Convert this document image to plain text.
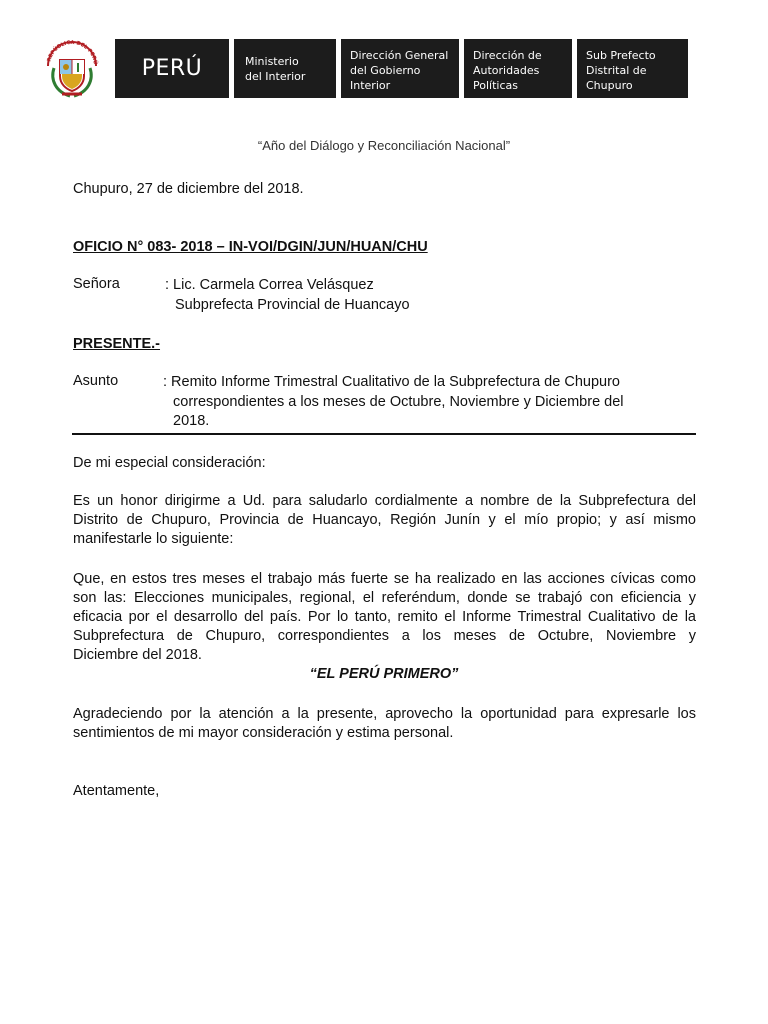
REPÚBLICA DEL PERÚ PERÚ	Ministerio
del Interior
Dirección General
del Gobierno
Interior
Dirección de
Autoridades
Políticas
Sub Prefecto
Distrital de
Chupuro
“Año del Diálogo y Reconciliación Nacional”
Chupuro, 27 de diciembre del 2018.
OFICIO N° 083- 2018 – IN-VOI/DGIN/JUN/HUAN/CHU
Señora	: Lic. Carmela Correa Velásquez
Subprefecta Provincial de Huancayo
PRESENTE.-
Asunto	: Remito Informe Trimestral Cualitativo de la Subprefectura de Chupuro
correspondientes a los meses de Octubre, Noviembre y Diciembre del
2018.
De mi especial consideración:
Es un honor dirigirme a Ud. para saludarlo cordialmente a nombre de la Subprefectura del
Distrito de Chupuro, Provincia de Huancayo, Región Junín y el mío propio; y así mismo
manifestarle lo siguiente:
Que, en estos tres meses el trabajo más fuerte se ha realizado en las acciones cívicas como
son las: Elecciones municipales, regional, el referéndum, donde se trabajó con eficiencia y
eficacia por el desarrollo del país. Por lo tanto, remito el Informe Trimestral Cualitativo de la
Subprefectura de Chupuro, correspondientes a los meses de Octubre, Noviembre y
Diciembre del 2018.
“EL PERÚ PRIMERO”
Agradeciendo por la atención a la presente, aprovecho la oportunidad para expresarle los
sentimientos de mi mayor consideración y estima personal.
Atentamente,
